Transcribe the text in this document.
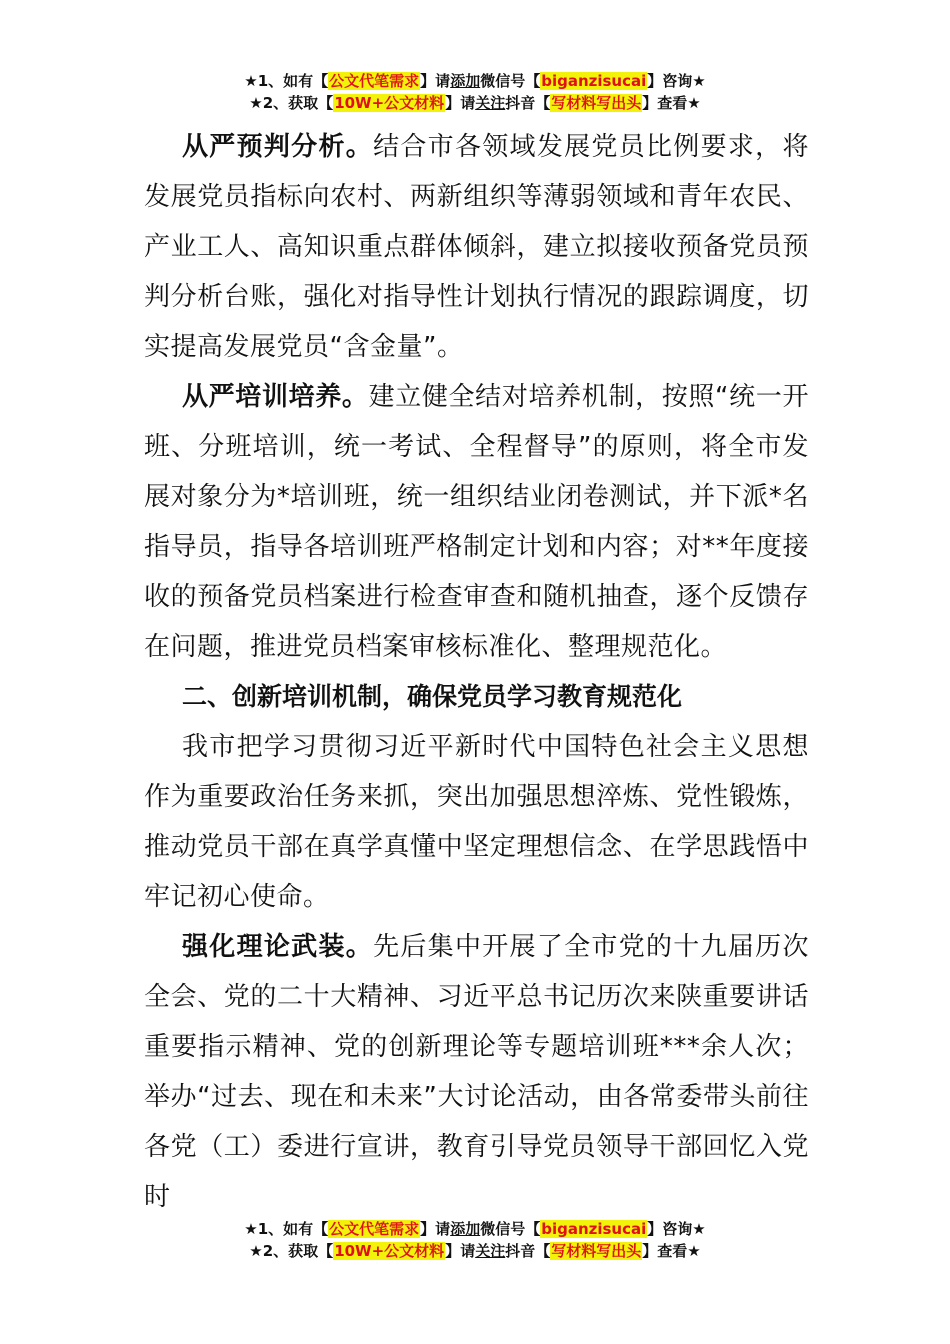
★1、如有【公文代笔需求】请添加微信号【biganzisucai】咨询★
★2、获取【10W+公文材料】请关注抖音【写材料写出头】查看★

从严预判分析。结合市各领域发展党员比例要求，将发展党员指标向农村、两新组织等薄弱领域和青年农民、产业工人、高知识重点群体倾斜，建立拟接收预备党员预判分析台账，强化对指导性计划执行情况的跟踪调度，切实提高发展党员“含金量”。

从严培训培养。建立健全结对培养机制，按照“统一开班、分班培训，统一考试、全程督导”的原则，将全市发展对象分为*培训班，统一组织结业闭卷测试，并下派*名指导员，指导各培训班严格制定计划和内容；对**年度接收的预备党员档案进行检查审查和随机抽查，逐个反馈存在问题，推进党员档案审核标准化、整理规范化。

二、创新培训机制，确保党员学习教育规范化

我市把学习贯彻习近平新时代中国特色社会主义思想作为重要政治任务来抓，突出加强思想淬炼、党性锻炼，推动党员干部在真学真懂中坚定理想信念、在学思践悟中牢记初心使命。

强化理论武装。先后集中开展了全市党的十九届历次全会、党的二十大精神、习近平总书记历次来陕重要讲话重要指示精神、党的创新理论等专题培训班***余人次；举办“过去、现在和未来”大讨论活动，由各常委带头前往各党（工）委进行宣讲，教育引导党员领导干部回忆入党时

★1、如有【公文代笔需求】请添加微信号【biganzisucai】咨询★
★2、获取【10W+公文材料】请关注抖音【写材料写出头】查看★
